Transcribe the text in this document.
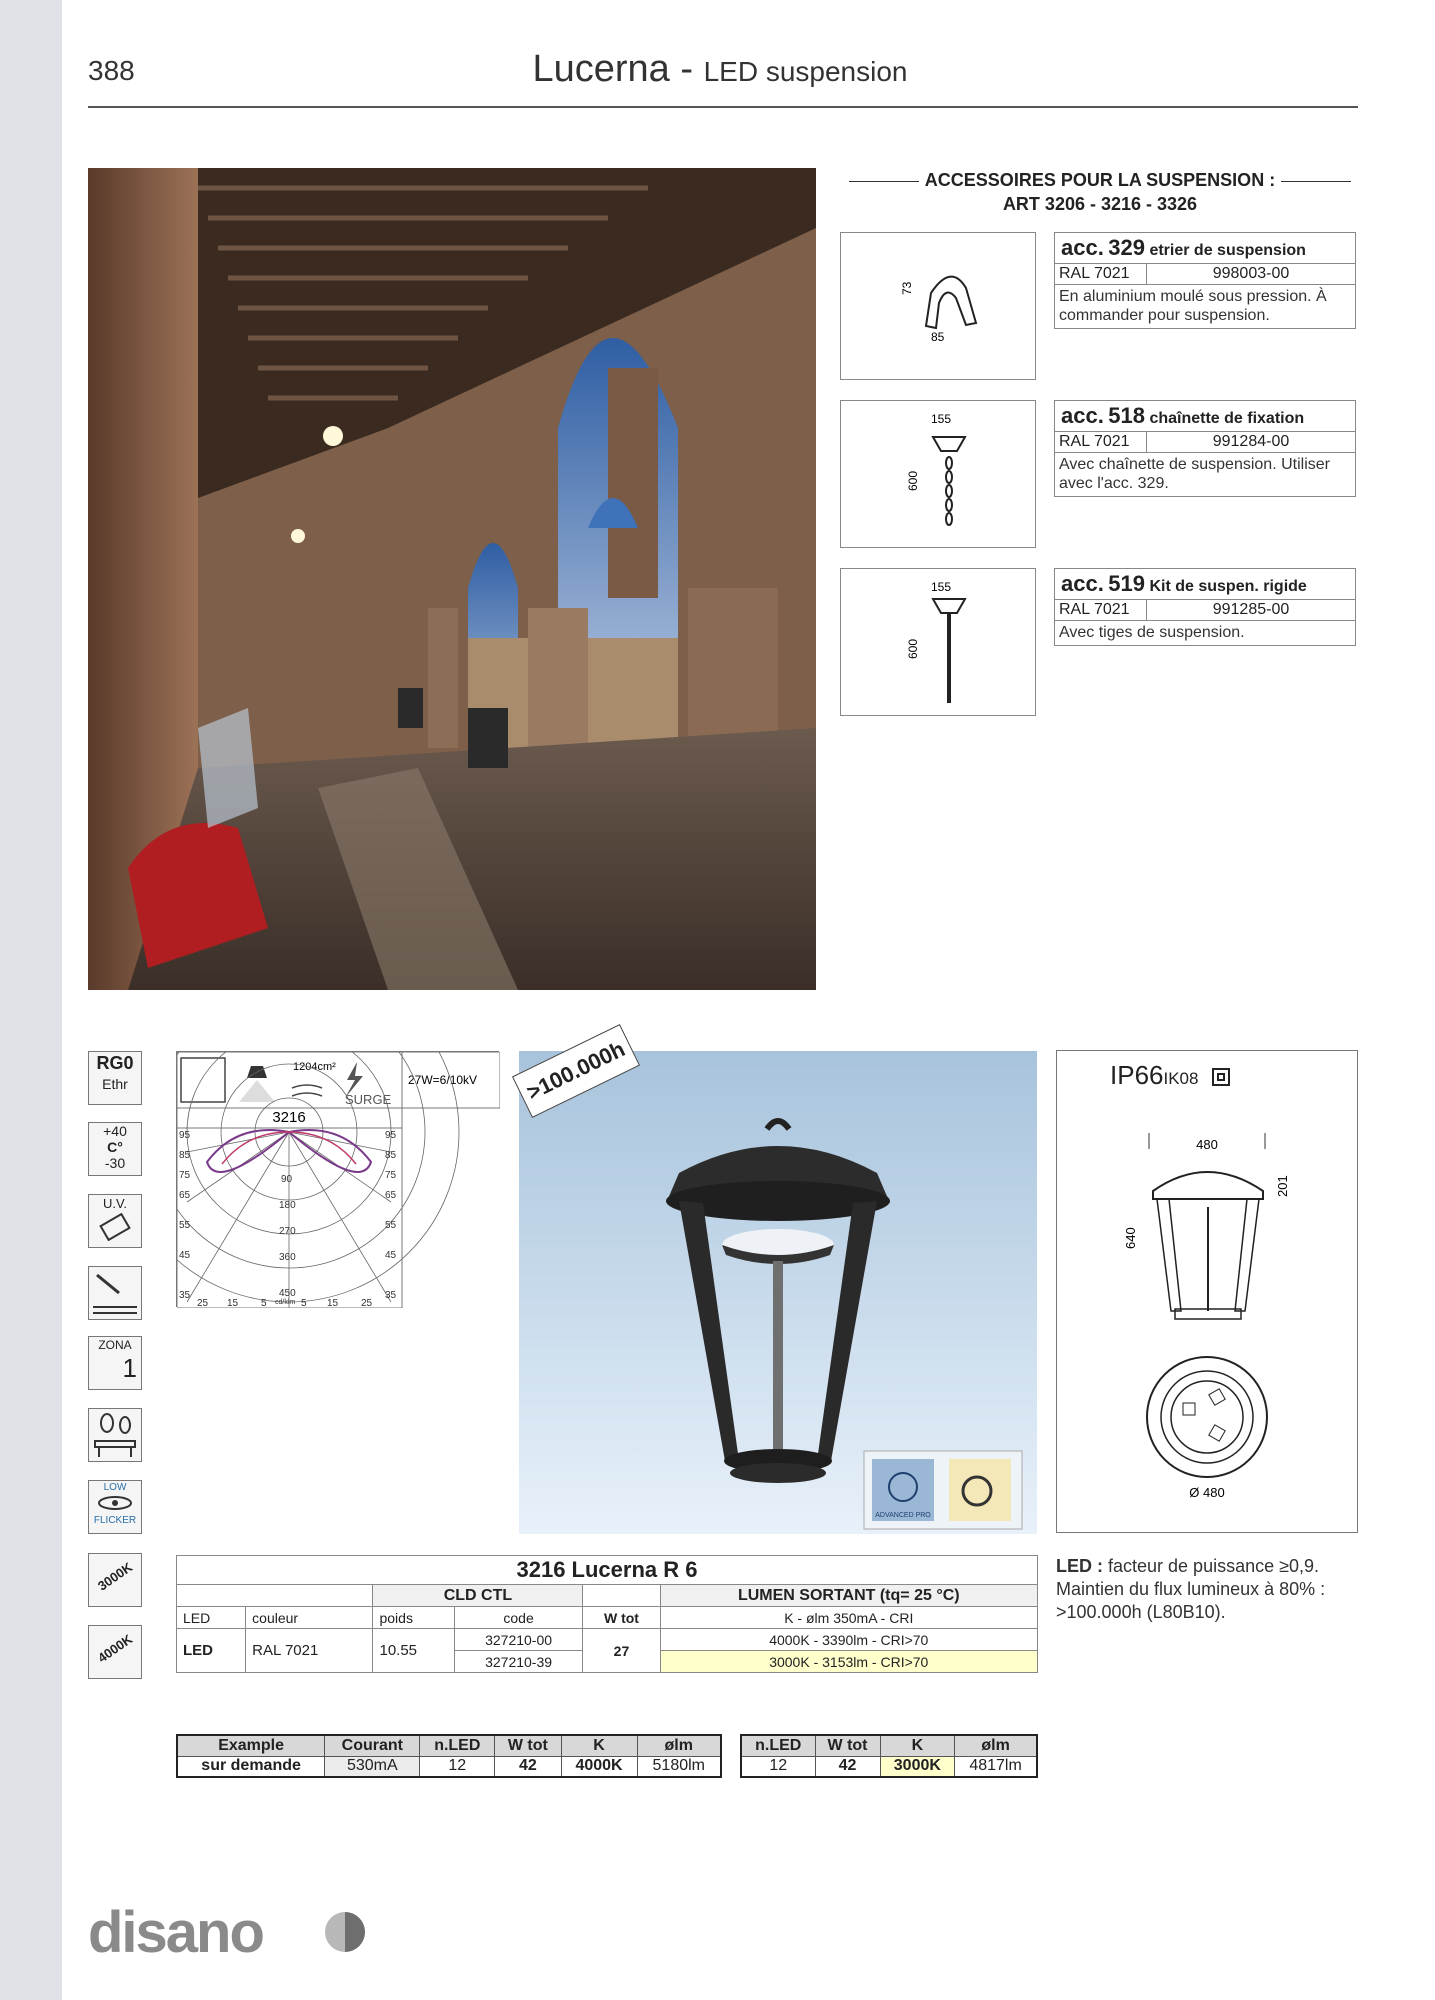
388	Lucerna - LED suspension
ACCESSOIRES POUR LA SUSPENSION :
ART 3206 - 3216 - 3326
73
85
acc. 329 etrier de suspension
RAL 7021	998003-00
En aluminium moulé sous pression. À commander pour suspension.
155
600
acc. 518 chaînette de fixation
RAL 7021	991284-00
Avec chaînette de suspension. Utiliser avec l'acc. 329.
155
600
acc. 519 Kit de suspen. rigide
RAL 7021	991285-00
Avec tiges de suspension.
RG0
Ethr
+40
C°
-30
U.V.
ZONA
1
LOW
FLICKER
3000K
4000K
1204cm²
SURGE
27W=6/10kV
3216
95
85
75
65
55
45
35
95
85
75
65
55
45
35
90
180
270
360
450
25 15 5 cd/klm 5 15 25
ADVANCED PRO
>100.000h
480
640
201
Ø 480
IP66IK08
3216 Lucerna R 6					
		CLD CTL			LUMEN SORTANT (tq= 25 °C)
LED	couleur	poids	code	W tot	K - ølm 350mA - CRI
LED	RAL 7021	10.55	327210-00	27	4000K - 3390lm - CRI>70
			327210-39		3000K - 3153lm - CRI>70
LED : facteur de puissance ≥0,9. Maintien du flux lumineux à 80% : >100.000h (L80B10).
Example	Courant	n.LED	W tot	K	ølm
sur demande	530mA	12	42	4000K	5180lm
n.LED	W tot	K	ølm
12	42	3000K	4817lm
disano
